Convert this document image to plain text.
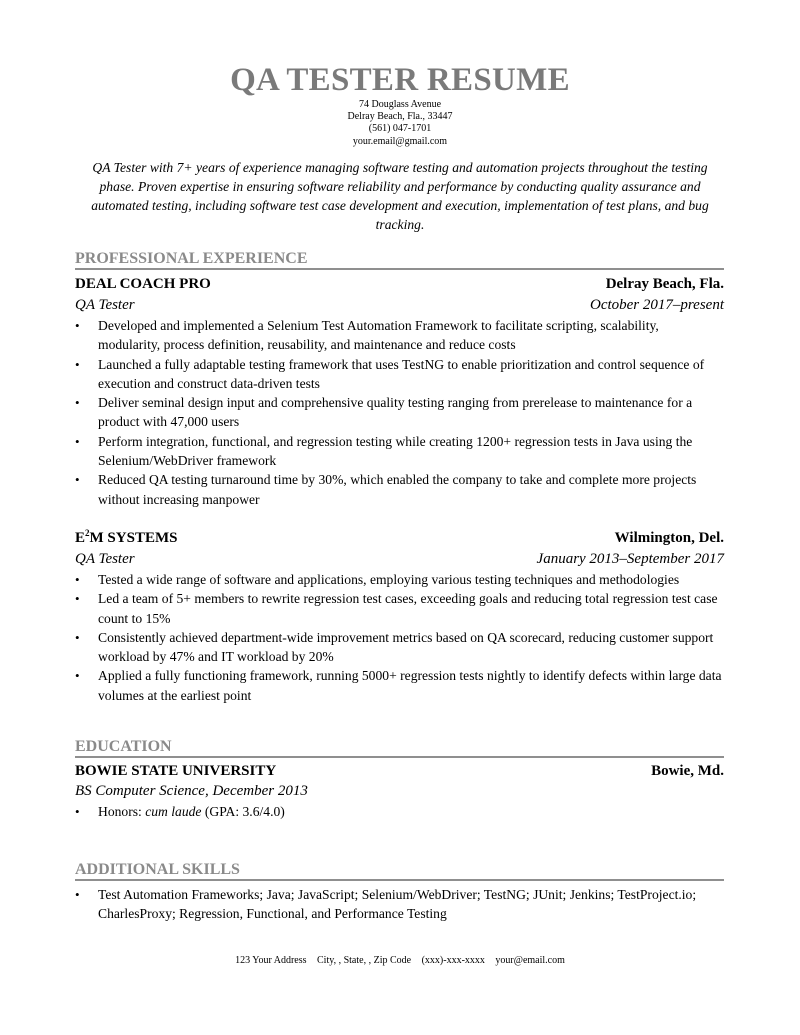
QA TESTER RESUME
74 Douglass Avenue
Delray Beach, Fla., 33447
(561) 047-1701
your.email@gmail.com
QA Tester with 7+ years of experience managing software testing and automation projects throughout the testing phase. Proven expertise in ensuring software reliability and performance by conducting quality assurance and automated testing, including software test case development and execution, implementation of test plans, and bug tracking.
PROFESSIONAL EXPERIENCE
DEAL COACH PRO	Delray Beach, Fla.
QA Tester	October 2017–present
• Developed and implemented a Selenium Test Automation Framework to facilitate scripting, scalability, modularity, process definition, reusability, and maintenance and reduce costs
• Launched a fully adaptable testing framework that uses TestNG to enable prioritization and control sequence of execution and construct data-driven tests
• Deliver seminal design input and comprehensive quality testing ranging from prerelease to maintenance for a product with 47,000 users
• Perform integration, functional, and regression testing while creating 1200+ regression tests in Java using the Selenium/WebDriver framework
• Reduced QA testing turnaround time by 30%, which enabled the company to take and complete more projects without increasing manpower
$E^2M$ SYSTEMS	Wilmington, Del.
QA Tester	January 2013–September 2017
• Tested a wide range of software and applications, employing various testing techniques and methodologies
• Led a team of 5+ members to rewrite regression test cases, exceeding goals and reducing total regression test case count to 15%
• Consistently achieved department-wide improvement metrics based on QA scorecard, reducing customer support workload by 47% and IT workload by 20%
• Applied a fully functioning framework, running 5000+ regression tests nightly to identify defects within large data volumes at the earliest point
EDUCATION
BOWIE STATE UNIVERSITY	Bowie, Md.
BS Computer Science, December 2013
• Honors: cum laude (GPA: 3.6/4.0)
ADDITIONAL SKILLS
• Test Automation Frameworks; Java; JavaScript; Selenium/WebDriver; TestNG; JUnit; Jenkins; TestProject.io; CharlesProxy; Regression, Functional, and Performance Testing
123 Your Address City, , State, , Zip Code (xxx)-xxx-xxxx your@email.com
